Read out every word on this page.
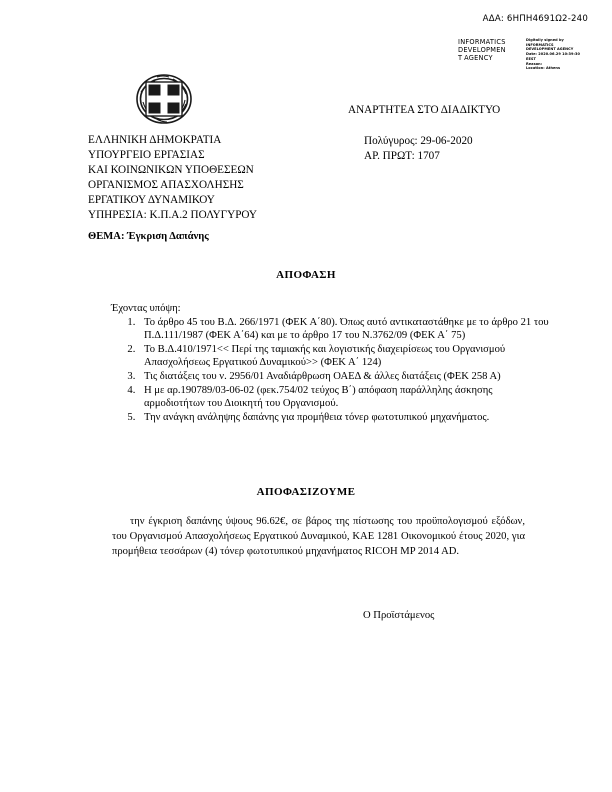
ΑΔΑ: 6ΗΠΗ4691Ω2-240
INFORMATICS
DEVELOPMEN
T AGENCY
Digitally signed by
INFORMATICS
DEVELOPMENT AGENCY
Date: 2020.06.29 10:39:30
EEST
Reason:
Location: Athens
ΑΝΑΡΤΗΤΕΑ ΣΤΟ ΔΙΑΔΙΚΤΥΟ
Πολύγυρος: 29-06-2020
ΑΡ. ΠΡΩΤ: 1707
ΕΛΛΗΝΙΚΗ ΔΗΜΟΚΡΑΤΙΑ
ΥΠΟΥΡΓΕΙΟ ΕΡΓΑΣΙΑΣ
ΚΑΙ ΚΟΙΝΩΝΙΚΩΝ ΥΠΟΘΕΣΕΩΝ
ΟΡΓΑΝΙΣΜΟΣ ΑΠΑΣΧΟΛΗΣΗΣ
ΕΡΓΑΤΙΚΟΥ ΔΥΝΑΜΙΚΟΥ
ΥΠΗΡΕΣΙΑ: Κ.Π.Α.2 ΠΟΛΥΓΥΡΟΥ
ΘΕΜΑ: Έγκριση Δαπάνης
ΑΠΟΦΑΣΗ
Έχοντας υπόψη:
1. Το άρθρο 45 του Β.Δ. 266/1971 (ΦΕΚ Α΄80). Όπως αυτό αντικαταστάθηκε με το άρθρο 21 του Π.Δ.111/1987 (ΦΕΚ Α΄64) και με το άρθρο 17 του Ν.3762/09 (ΦΕΚ Α΄ 75)
2. Το Β.Δ.410/1971<< Περί της ταμιακής και λογιστικής διαχειρίσεως του Οργανισμού Απασχολήσεως Εργατικού Δυναμικού>> (ΦΕΚ Α΄ 124)
3. Τις διατάξεις του ν. 2956/01 Αναδιάρθρωση ΟΑΕΔ & άλλες διατάξεις (ΦΕΚ 258 Α)
4. Η με αρ.190789/03-06-02 (φεκ.754/02 τεύχος Β΄) απόφαση παράλληλης άσκησης αρμοδιοτήτων του Διοικητή του Οργανισμού.
5. Την ανάγκη ανάληψης δαπάνης για προμήθεια τόνερ φωτοτυπικού μηχανήματος.
ΑΠΟΦΑΣΙΖΟΥΜΕ
την έγκριση δαπάνης ύψους 96.62€, σε βάρος της πίστωσης του προϋπολογισμού εξόδων, του Οργανισμού Απασχολήσεως Εργατικού Δυναμικού, ΚΑΕ 1281 Οικονομικού έτους 2020, για προμήθεια τεσσάρων (4) τόνερ φωτοτυπικού μηχανήματος RICOH MP 2014 AD.
Ο Προϊστάμενος
